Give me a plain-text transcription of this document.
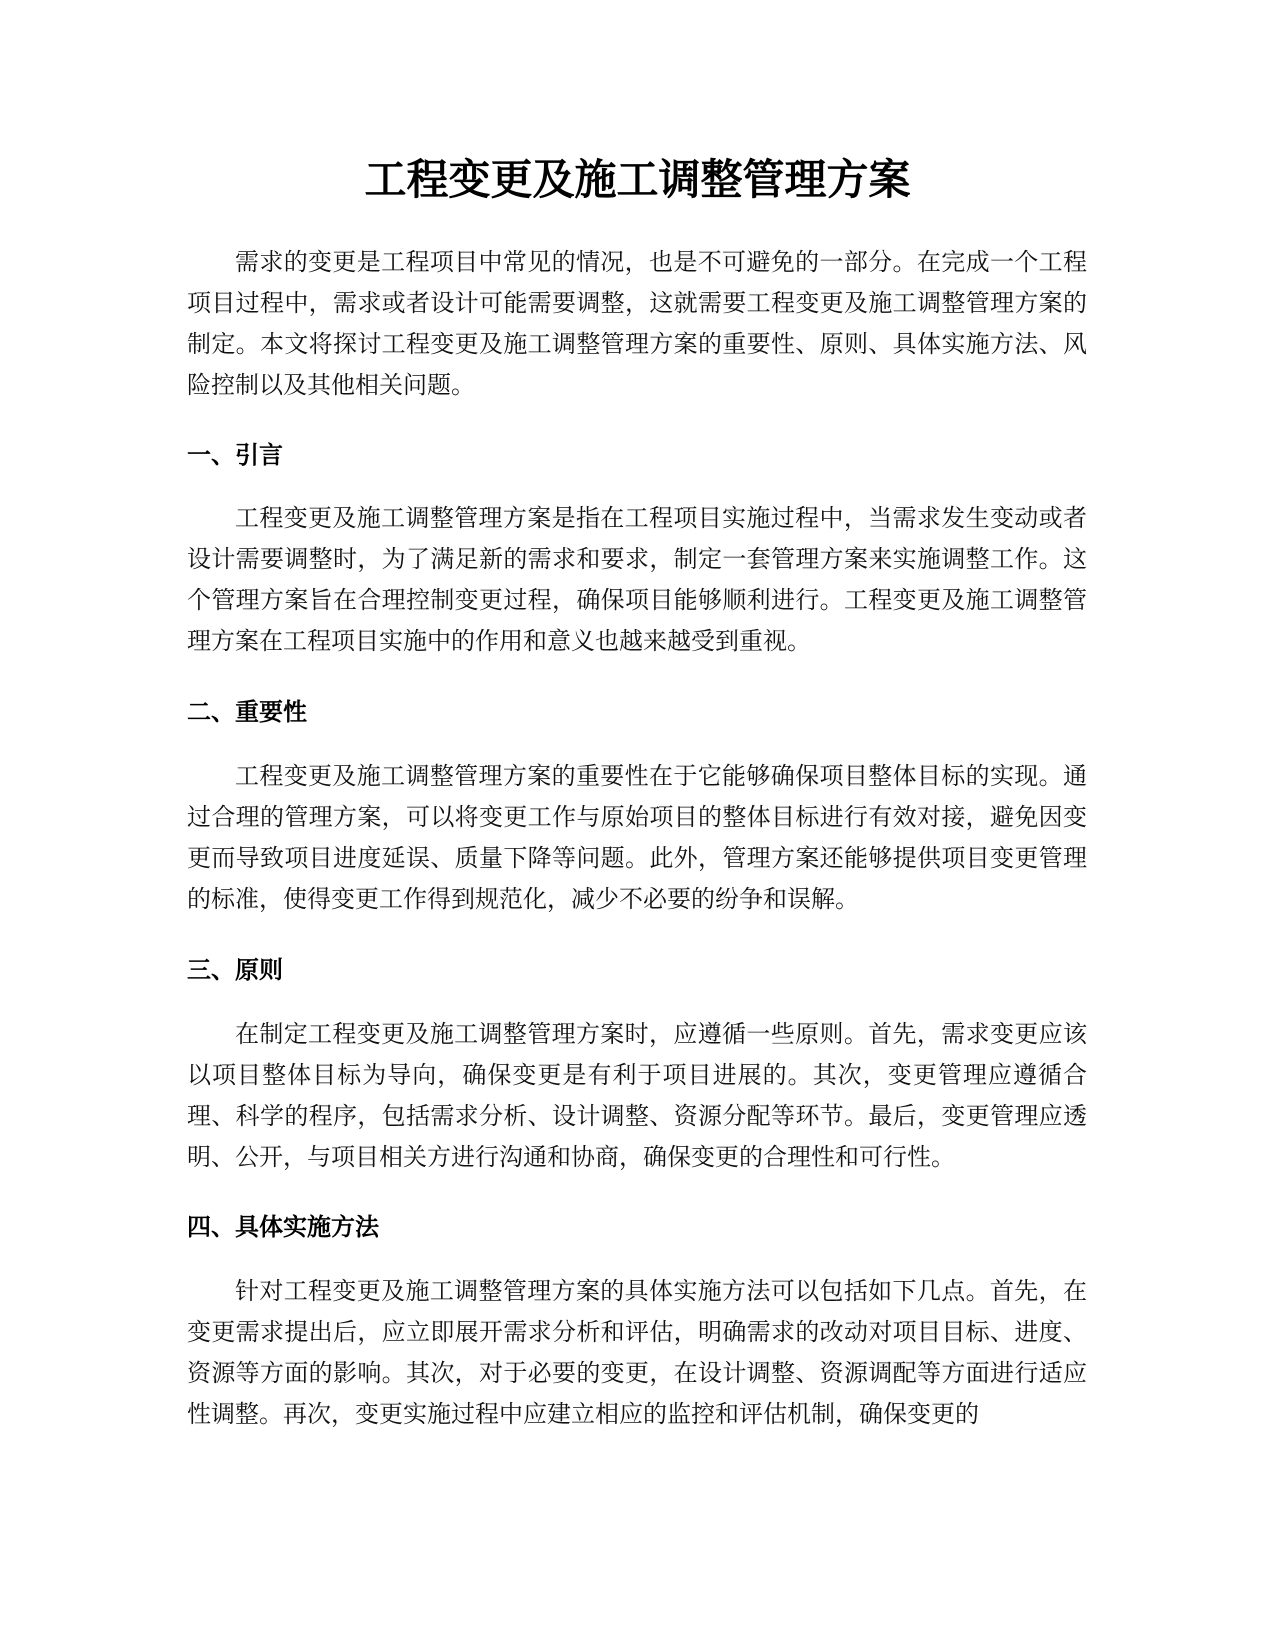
工程变更及施工调整管理方案

需求的变更是工程项目中常见的情况，也是不可避免的一部分。在完成一个工程项目过程中，需求或者设计可能需要调整，这就需要工程变更及施工调整管理方案的制定。本文将探讨工程变更及施工调整管理方案的重要性、原则、具体实施方法、风险控制以及其他相关问题。

一、引言

工程变更及施工调整管理方案是指在工程项目实施过程中，当需求发生变动或者设计需要调整时，为了满足新的需求和要求，制定一套管理方案来实施调整工作。这个管理方案旨在合理控制变更过程，确保项目能够顺利进行。工程变更及施工调整管理方案在工程项目实施中的作用和意义也越来越受到重视。

二、重要性

工程变更及施工调整管理方案的重要性在于它能够确保项目整体目标的实现。通过合理的管理方案，可以将变更工作与原始项目的整体目标进行有效对接，避免因变更而导致项目进度延误、质量下降等问题。此外，管理方案还能够提供项目变更管理的标准，使得变更工作得到规范化，减少不必要的纷争和误解。

三、原则

在制定工程变更及施工调整管理方案时，应遵循一些原则。首先，需求变更应该以项目整体目标为导向，确保变更是有利于项目进展的。其次，变更管理应遵循合理、科学的程序，包括需求分析、设计调整、资源分配等环节。最后，变更管理应透明、公开，与项目相关方进行沟通和协商，确保变更的合理性和可行性。

四、具体实施方法

针对工程变更及施工调整管理方案的具体实施方法可以包括如下几点。首先，在变更需求提出后，应立即展开需求分析和评估，明确需求的改动对项目目标、进度、资源等方面的影响。其次，对于必要的变更，在设计调整、资源调配等方面进行适应性调整。再次，变更实施过程中应建立相应的监控和评估机制，确保变更的
